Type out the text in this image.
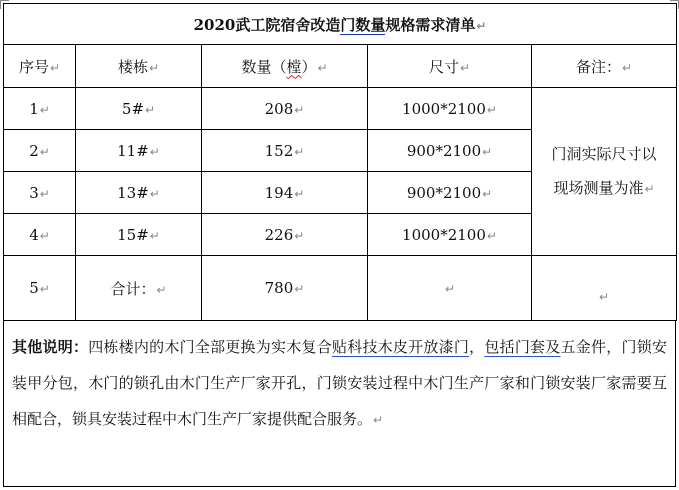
2020武工院宿舍改造门数量规格需求清单↵				
序号↵	楼栋↵	数量（樘）↵	尺寸↵	备注：↵
1↵	5#↵	208↵	1000*2100↵	门洞实际尺寸以
现场测量为准↵
2↵	11#↵	152↵	900*2100↵	
3↵	13#↵	194↵	900*2100↵	
4↵	15#↵	226↵	1000*2100↵	
5↵	合计：↵	780↵	↵	↵
其他说明：四栋楼内的木门全部更换为实木复合贴科技木皮开放漆门，包括门套及五金件，门锁安装甲分包，木门的锁孔由木门生产厂家开孔，门锁安装过程中木门生产厂家和门锁安装厂家需要互相配合，锁具安装过程中木门生产厂家提供配合服务。↵
